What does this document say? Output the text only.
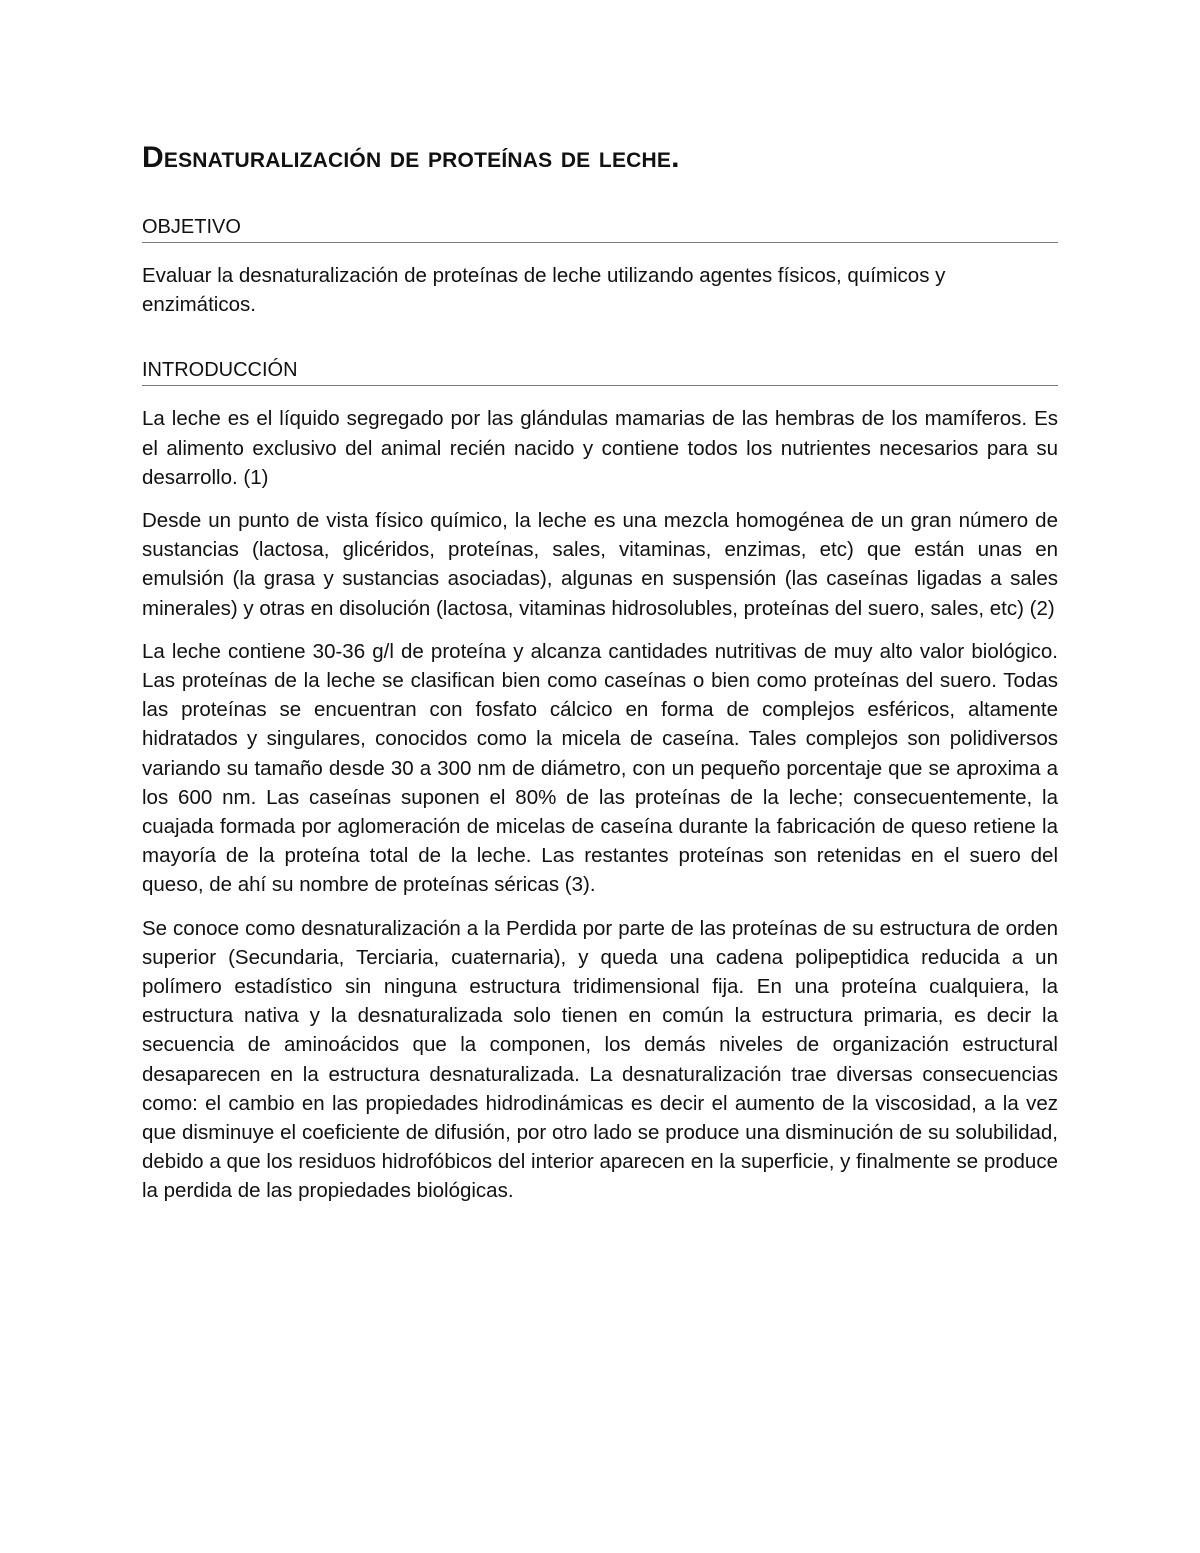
Desnaturalización de proteínas de leche.
OBJETIVO

Evaluar la desnaturalización de proteínas de leche utilizando agentes físicos, químicos y enzimáticos.

INTRODUCCIÓN

La leche es el líquido segregado por las glándulas mamarias de las hembras de los mamíferos. Es el alimento exclusivo del animal recién nacido y contiene todos los nutrientes necesarios para su desarrollo. (1)

Desde un punto de vista físico químico, la leche es una mezcla homogénea de un gran número de sustancias (lactosa, glicéridos, proteínas, sales, vitaminas, enzimas, etc) que están unas en emulsión (la grasa y sustancias asociadas), algunas en suspensión (las caseínas ligadas a sales minerales) y otras en disolución (lactosa, vitaminas hidrosolubles, proteínas del suero, sales, etc) (2)

La leche contiene 30-36 g/l de proteína y alcanza cantidades nutritivas de muy alto valor biológico. Las proteínas de la leche se clasifican bien como caseínas o bien como proteínas del suero. Todas las proteínas se encuentran con fosfato cálcico en forma de complejos esféricos, altamente hidratados y singulares, conocidos como la micela de caseína. Tales complejos son polidiversos variando su tamaño desde 30 a 300 nm de diámetro, con un pequeño porcentaje que se aproxima a los 600 nm. Las caseínas suponen el 80% de las proteínas de la leche; consecuentemente, la cuajada formada por aglomeración de micelas de caseína durante la fabricación de queso retiene la mayoría de la proteína total de la leche. Las restantes proteínas son retenidas en el suero del queso, de ahí su nombre de proteínas séricas (3).

Se conoce como desnaturalización a la Perdida por parte de las proteínas de su estructura de orden superior (Secundaria, Terciaria, cuaternaria), y queda una cadena polipeptidica reducida a un polímero estadístico sin ninguna estructura tridimensional fija. En una proteína cualquiera, la estructura nativa y la desnaturalizada solo tienen en común la estructura primaria, es decir la secuencia de aminoácidos que la componen, los demás niveles de organización estructural desaparecen en la estructura desnaturalizada. La desnaturalización trae diversas consecuencias como: el cambio en las propiedades hidrodinámicas es decir el aumento de la viscosidad, a la vez que disminuye el coeficiente de difusión, por otro lado se produce una disminución de su solubilidad, debido a que los residuos hidrofóbicos del interior aparecen en la superficie, y finalmente se produce la perdida de las propiedades biológicas.
